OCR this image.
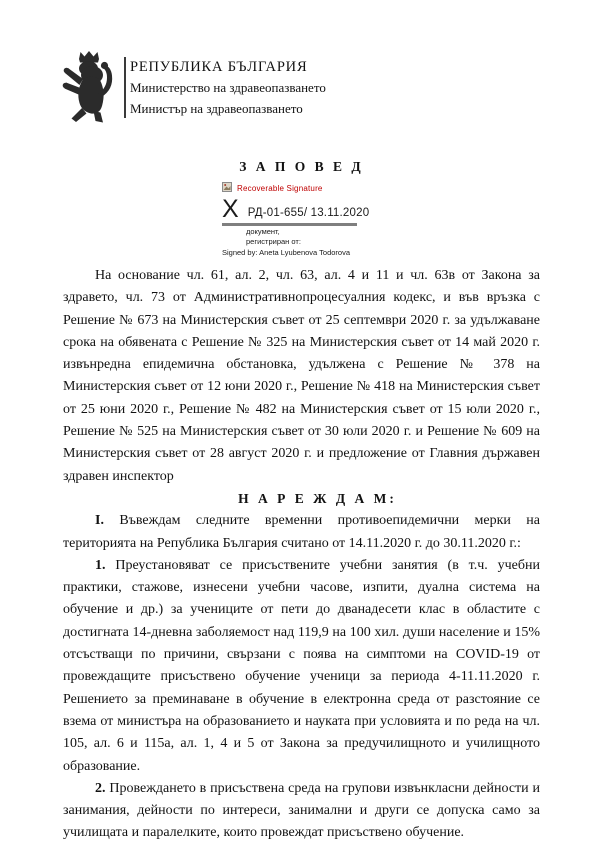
РЕПУБЛИКА БЪЛГАРИЯ
Министерство на здравеопазването
Министър на здравеопазването
З А П О В Е Д
Recoverable Signature
X РД-01-655/ 13.11.2020
документ,
регистриран от:
Signed by: Aneta Lyubenova Todorova

На основание чл. 61, ал. 2, чл. 63, ал. 4 и 11 и чл. 63в от Закона за здравето, чл. 73 от Административнопроцесуалния кодекс, и във връзка с Решение № 673 на Министерския съвет от 25 септември 2020 г. за удължаване срока на обявената с Решение № 325 на Министерския съвет от 14 май 2020 г. извънредна епидемична обстановка, удължена с Решение № 378 на Министерския съвет от 12 юни 2020 г., Решение № 418 на Министерския съвет от 25 юни 2020 г., Решение № 482 на Министерския съвет от 15 юли 2020 г., Решение № 525 на Министерския съвет от 30 юли 2020 г. и Решение № 609 на Министерския съвет от 28 август 2020 г. и предложение от Главния държавен здравен инспектор

Н А Р Е Ж Д А М:

I. Въвеждам следните временни противоепидемични мерки на територията на Република България считано от 14.11.2020 г. до 30.11.2020 г.:

1. Преустановяват се присъствените учебни занятия (в т.ч. учебни практики, стажове, изнесени учебни часове, изпити, дуална система на обучение и др.) за учениците от пети до дванадесети клас в областите с достигната 14-дневна заболяемост над 119,9 на 100 хил. души население и 15% отсъстващи по причини, свързани с поява на симптоми на COVID-19 от провеждащите присъствено обучение ученици за периода 4-11.11.2020 г. Решението за преминаване в обучение в електронна среда от разстояние се взема от министъра на образованието и науката при условията и по реда на чл. 105, ал. 6 и 115а, ал. 1, 4 и 5 от Закона за предучилищното и училищното образование.

2. Провеждането в присъствена среда на групови извънкласни дейности и занимания, дейности по интереси, занимални и други се допуска само за училищата и паралелките, които провеждат присъствено обучение.
